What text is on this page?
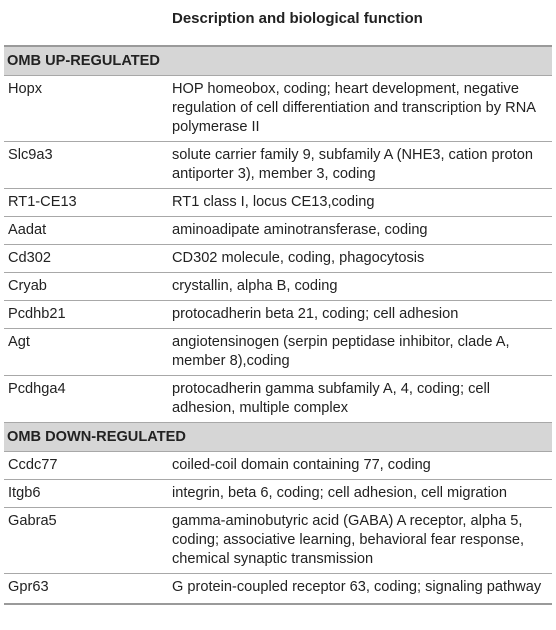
	Description and biological function
OMB UP-REGULATED	
Hopx	HOP homeobox, coding; heart development, negative regulation of cell differentiation and transcription by RNA polymerase II
Slc9a3	solute carrier family 9, subfamily A (NHE3, cation proton antiporter 3), member 3, coding
RT1-CE13	RT1 class I, locus CE13,coding
Aadat	aminoadipate aminotransferase, coding
Cd302	CD302 molecule, coding, phagocytosis
Cryab	crystallin, alpha B, coding
Pcdhb21	protocadherin beta 21, coding; cell adhesion
Agt	angiotensinogen (serpin peptidase inhibitor, clade A, member 8),coding
Pcdhga4	protocadherin gamma subfamily A, 4, coding; cell adhesion, multiple complex
OMB DOWN-REGULATED	
Ccdc77	coiled-coil domain containing 77, coding
Itgb6	integrin, beta 6, coding; cell adhesion, cell migration
Gabra5	gamma-aminobutyric acid (GABA) A receptor, alpha 5, coding; associative learning, behavioral fear response, chemical synaptic transmission
Gpr63	G protein-coupled receptor 63, coding; signaling pathway
